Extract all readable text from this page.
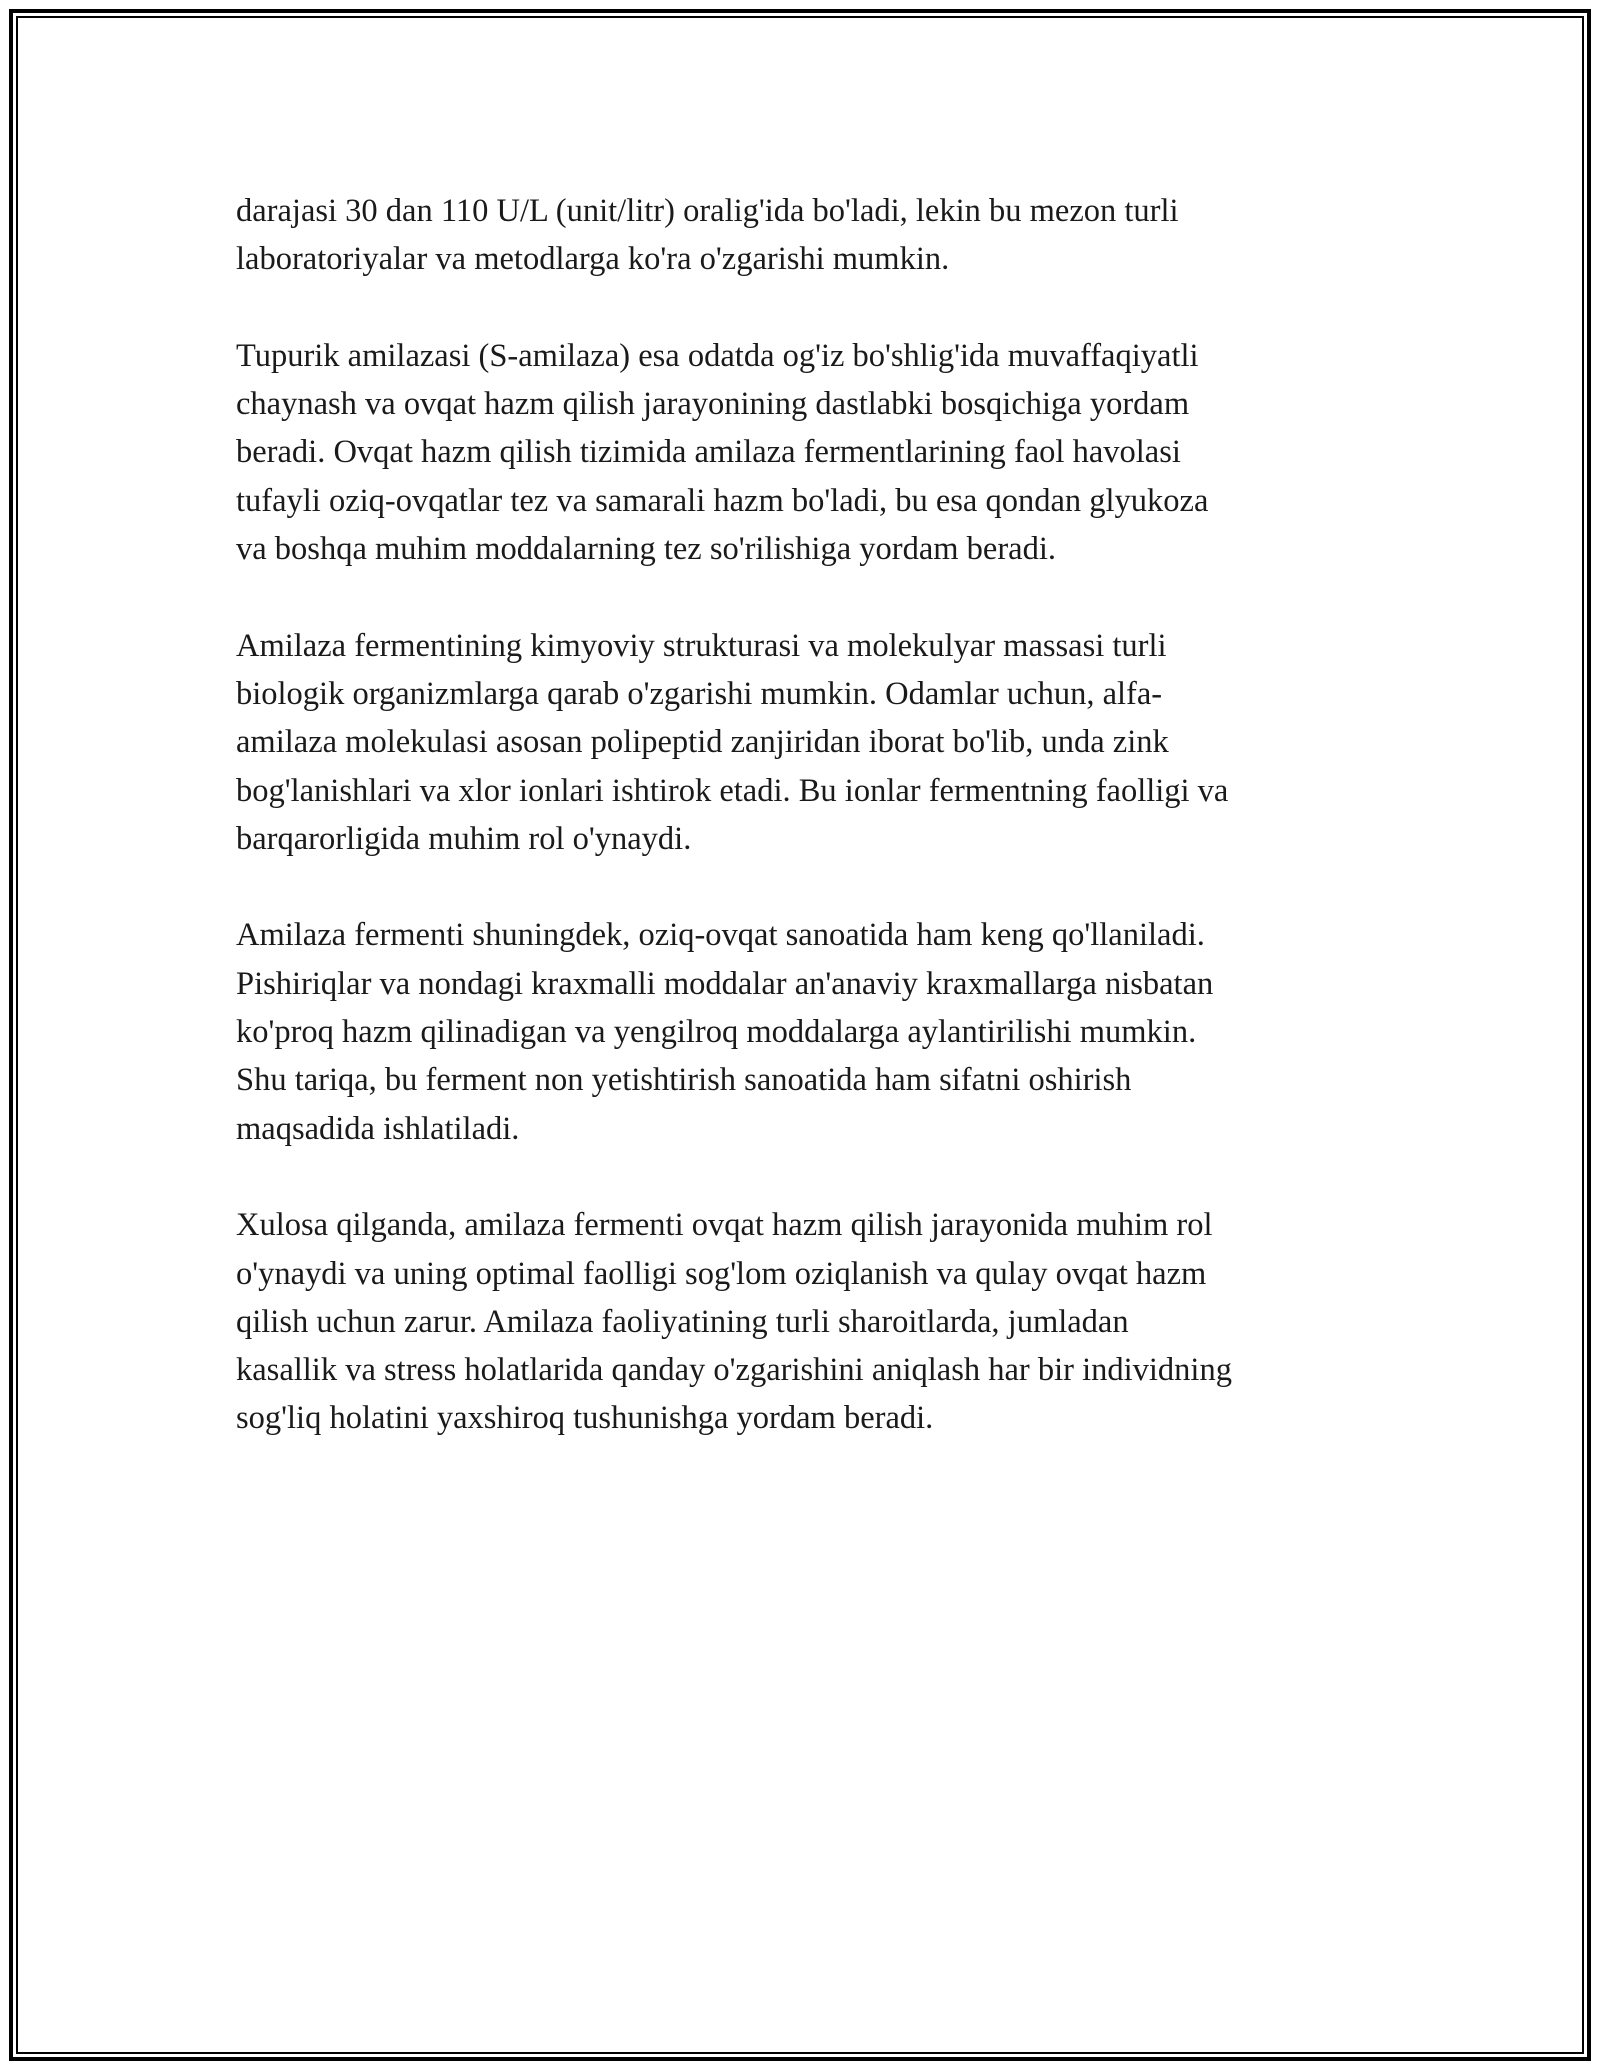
darajasi 30 dan 110 U/L (unit/litr) oralig'ida bo'ladi, lekin bu mezon turli
laboratoriyalar va metodlarga ko'ra o'zgarishi mumkin.

Tupurik amilazasi (S-amilaza) esa odatda og'iz bo'shlig'ida muvaffaqiyatli
chaynash va ovqat hazm qilish jarayonining dastlabki bosqichiga yordam
beradi. Ovqat hazm qilish tizimida amilaza fermentlarining faol havolasi
tufayli oziq-ovqatlar tez va samarali hazm bo'ladi, bu esa qondan glyukoza
va boshqa muhim moddalarning tez so'rilishiga yordam beradi.

Amilaza fermentining kimyoviy strukturasi va molekulyar massasi turli
biologik organizmlarga qarab o'zgarishi mumkin. Odamlar uchun, alfa-
amilaza molekulasi asosan polipeptid zanjiridan iborat bo'lib, unda zink
bog'lanishlari va xlor ionlari ishtirok etadi. Bu ionlar fermentning faolligi va
barqarorligida muhim rol o'ynaydi.

Amilaza fermenti shuningdek, oziq-ovqat sanoatida ham keng qo'llaniladi.
Pishiriqlar va nondagi kraxmalli moddalar an'anaviy kraxmallarga nisbatan
ko'proq hazm qilinadigan va yengilroq moddalarga aylantirilishi mumkin.
Shu tariqa, bu ferment non yetishtirish sanoatida ham sifatni oshirish
maqsadida ishlatiladi.

Xulosa qilganda, amilaza fermenti ovqat hazm qilish jarayonida muhim rol
o'ynaydi va uning optimal faolligi sog'lom oziqlanish va qulay ovqat hazm
qilish uchun zarur. Amilaza faoliyatining turli sharoitlarda, jumladan
kasallik va stress holatlarida qanday o'zgarishini aniqlash har bir individning
sog'liq holatini yaxshiroq tushunishga yordam beradi.
